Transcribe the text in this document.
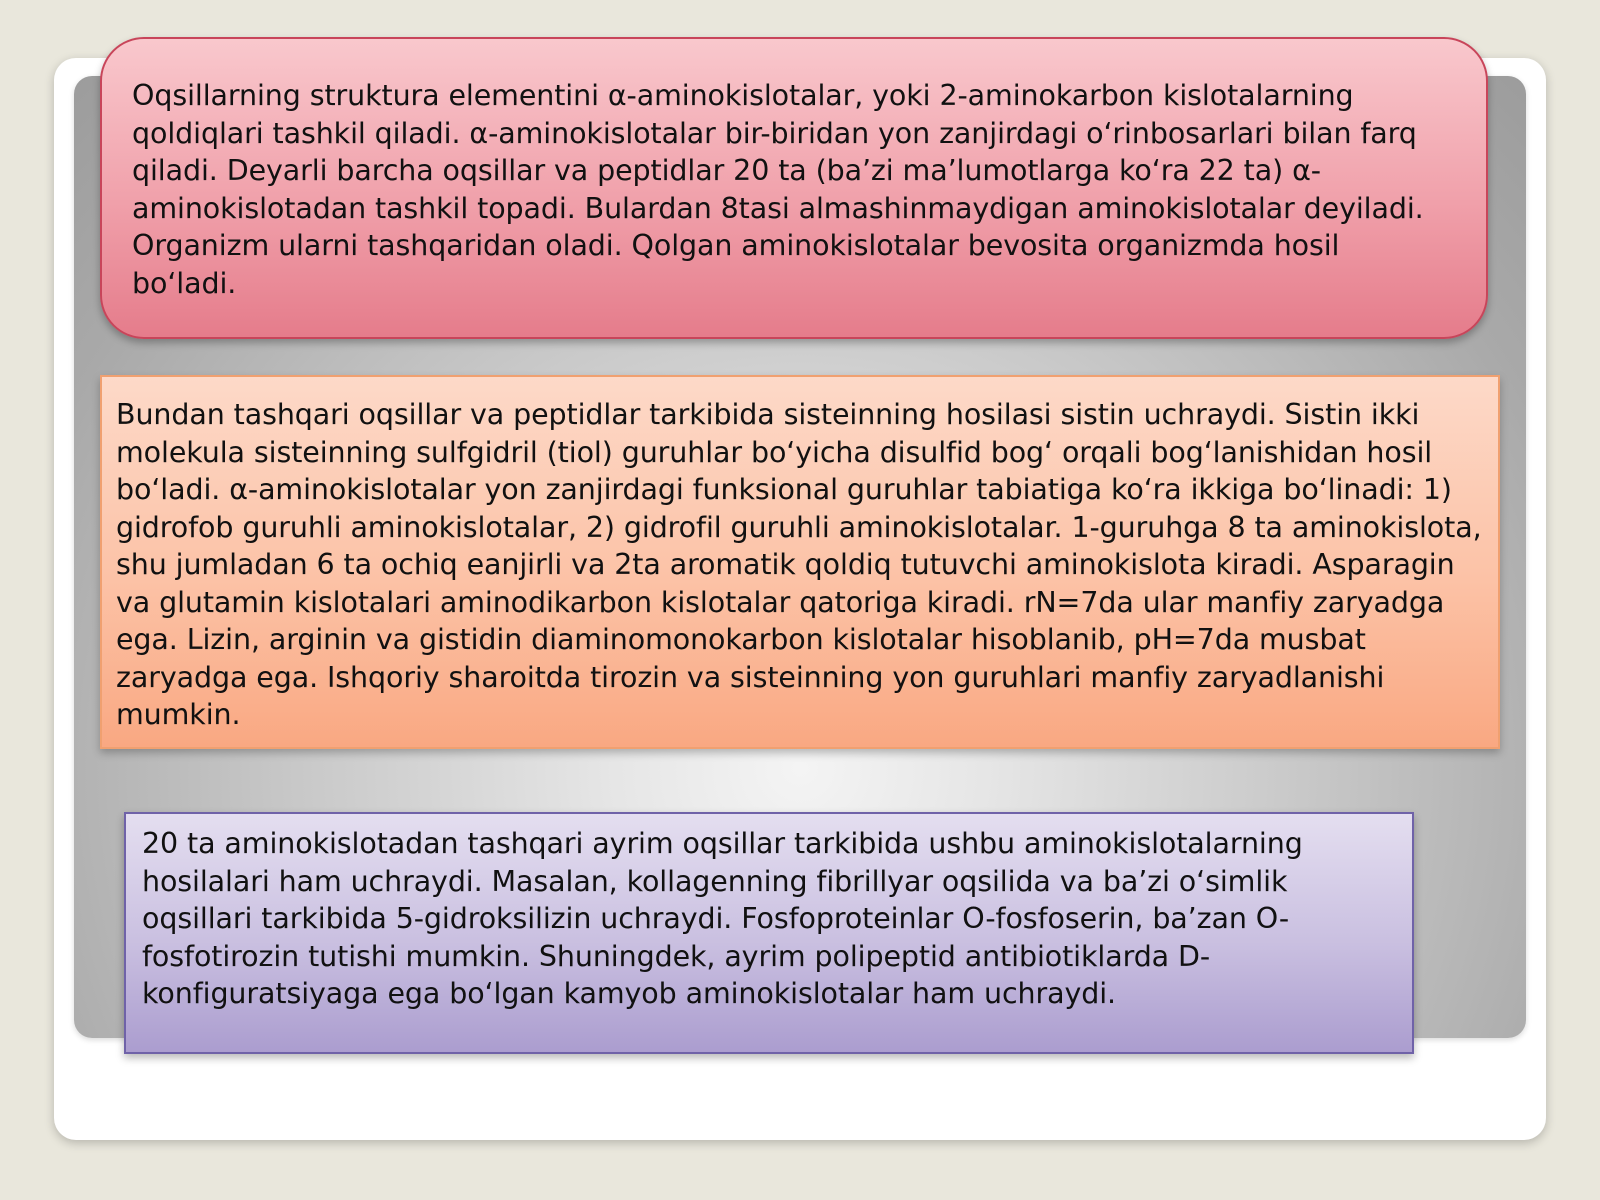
Oqsillarning struktura elementini α-aminokislotalar, yoki 2-aminokarbon kislotalarning qoldiqlari tashkil qiladi. α-aminokislotalar bir-biridan yon zanjirdagi o‘rinbosarlari bilan farq qiladi. Deyarli barcha oqsillar va peptidlar 20 ta (ba’zi ma’lumotlarga ko‘ra 22 ta) α-aminokislotadan tashkil topadi. Bulardan 8tasi almashinmaydigan aminokislotalar deyiladi. Organizm ularni tashqaridan oladi. Qolgan aminokislotalar bevosita organizmda hosil bo‘ladi.
Bundan tashqari oqsillar va peptidlar tarkibida sisteinning hosilasi sistin uchraydi. Sistin ikki molekula sisteinning sulfgidril (tiol) guruhlar bo‘yicha disulfid bog‘ orqali bog‘lanishidan hosil bo‘ladi. α-aminokislotalar yon zanjirdagi funksional guruhlar tabiatiga ko‘ra ikkiga bo‘linadi: 1) gidrofob guruhli aminokislotalar, 2) gidrofil guruhli aminokislotalar. 1-guruhga 8 ta aminokislota, shu jumladan 6 ta ochiq eanjirli va 2ta aromatik qoldiq tutuvchi aminokislota kiradi. Asparagin va glutamin kislotalari aminodikarbon kislotalar qatoriga kiradi. rN=7da ular manfiy zaryadga ega. Lizin, arginin va gistidin diaminomonokarbon kislotalar hisoblanib, pH=7da musbat zaryadga ega. Ishqoriy sharoitda tirozin va sisteinning yon guruhlari manfiy zaryadlanishi mumkin.
20 ta aminokislotadan tashqari ayrim oqsillar tarkibida ushbu aminokislotalarning hosilalari ham uchraydi. Masalan, kollagenning fibrillyar oqsilida va ba’zi o‘simlik oqsillari tarkibida 5-gidroksilizin uchraydi. Fosfoproteinlar O-fosfoserin, ba’zan O-fosfotirozin tutishi mumkin. Shuningdek, ayrim polipeptid antibiotiklarda D-konfiguratsiyaga ega bo‘lgan kamyob aminokislotalar ham uchraydi.
